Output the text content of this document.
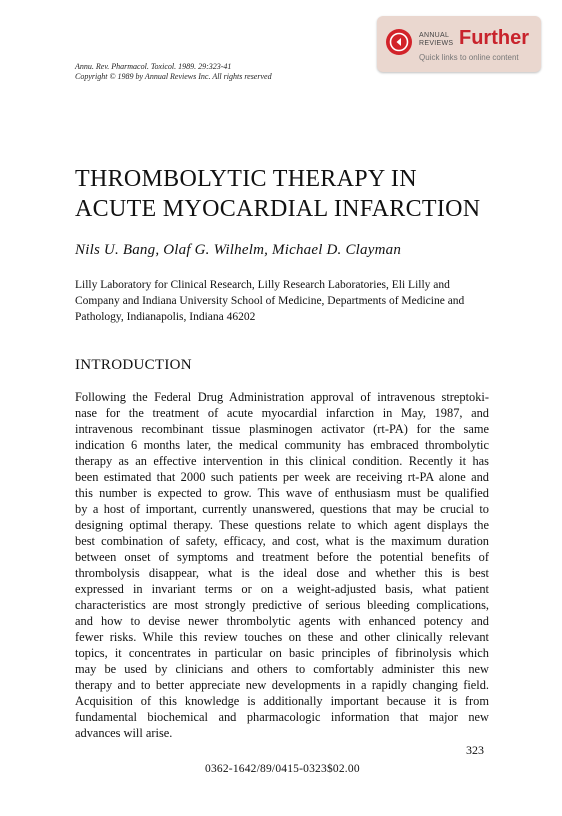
Annu. Rev. Pharmacol. Toxicol. 1989. 29:323-41
Copyright © 1989 by Annual Reviews Inc. All rights reserved
ANNUAL
REVIEWS Further
Quick links to online content
THROMBOLYTIC THERAPY IN
ACUTE MYOCARDIAL INFARCTION
Nils U. Bang, Olaf G. Wilhelm, Michael D. Clayman
Lilly Laboratory for Clinical Research, Lilly Research Laboratories, Eli Lilly and
Company and Indiana University School of Medicine, Departments of Medicine and
Pathology, Indianapolis, Indiana 46202
INTRODUCTION
Following the Federal Drug Administration approval of intravenous streptoki-
nase for the treatment of acute myocardial infarction in May, 1987, and
intravenous recombinant tissue plasminogen activator (rt-PA) for the same
indication 6 months later, the medical community has embraced thrombolytic
therapy as an effective intervention in this clinical condition. Recently it has
been estimated that 2000 such patients per week are receiving rt-PA alone and
this number is expected to grow. This wave of enthusiasm must be qualified
by a host of important, currently unanswered, questions that may be crucial to
designing optimal therapy. These questions relate to which agent displays the
best combination of safety, efficacy, and cost, what is the maximum duration
between onset of symptoms and treatment before the potential benefits of
thrombolysis disappear, what is the ideal dose and whether this is best
expressed in invariant terms or on a weight-adjusted basis, what patient
characteristics are most strongly predictive of serious bleeding complications,
and how to devise newer thrombolytic agents with enhanced potency and
fewer risks. While this review touches on these and other clinically relevant
topics, it concentrates in particular on basic principles of fibrinolysis which
may be used by clinicians and others to comfortably administer this new
therapy and to better appreciate new developments in a rapidly changing field.
Acquisition of this knowledge is additionally important because it is from
fundamental biochemical and pharmacologic information that major new
advances will arise.
323
0362-1642/89/0415-0323$02.00
